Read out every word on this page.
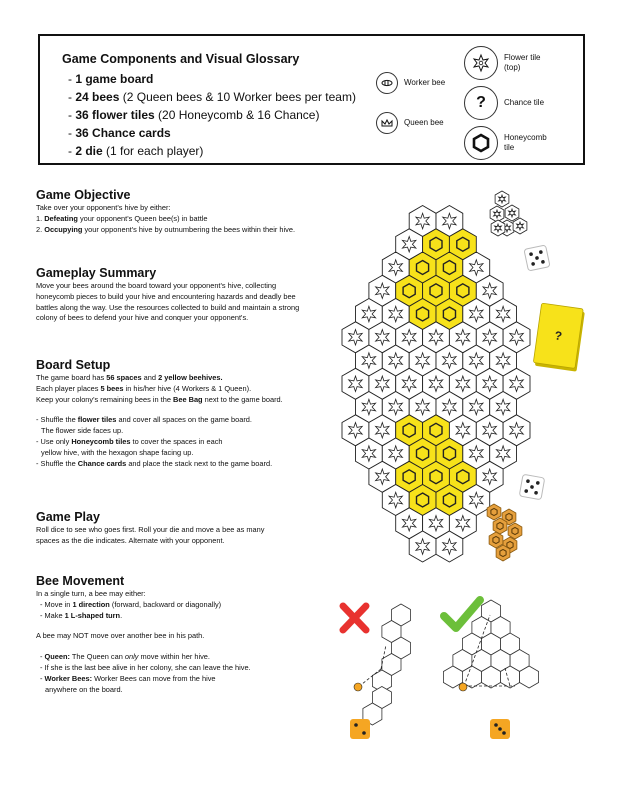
Game Components and Visual Glossary
- 1 game board
- 24 bees (2 Queen bees & 10 Worker bees per team)
- 36 flower tiles (20 Honeycomb & 16 Chance)
- 36 Chance cards
- 2 die (1 for each player)
Worker bee
Queen bee
Flower tile
(top)
?	Chance tile
Honeycomb
tile
Game Objective

Take over your opponent's hive by either:

1. Defeating your opponent's Queen bee(s) in battle

2. Occupying your opponent's hive by outnumbering the bees within their hive.

Gameplay Summary

Move your bees around the board toward your opponent's hive, collecting

honeycomb pieces to build your hive and encountering hazards and deadly bee

battles along the way. Use the resources collected to build and maintain a strong

colony of bees to defend your hive and conquer your opponent's.

Board Setup

The game board has 56 spaces and 2 yellow beehives.

Each player places 5 bees in his/her hive (4 Workers & 1 Queen).

Keep your colony's remaining bees in the Bee Bag next to the game board.

- Shuffle the flower tiles and cover all spaces on the game board.

The flower side faces up.

- Use only Honeycomb tiles to cover the spaces in each

yellow hive, with the hexagon shape facing up.

- Shuffle the Chance cards and place the stack next to the game board.

Game Play

Roll dice to see who goes first. Roll your die and move a bee as many

spaces as the die indicates. Alternate with your opponent.

Bee Movement

In a single turn, a bee may either:

- Move in 1 direction (forward, backward or diagonally)

- Make 1 L-shaped turn.

A bee may NOT move over another bee in his path.

- Queen: The Queen can only move within her hive.

- If she is the last bee alive in her colony, she can leave the hive.

- Worker Bees: Worker Bees can move from the hive

anywhere on the board.

?
